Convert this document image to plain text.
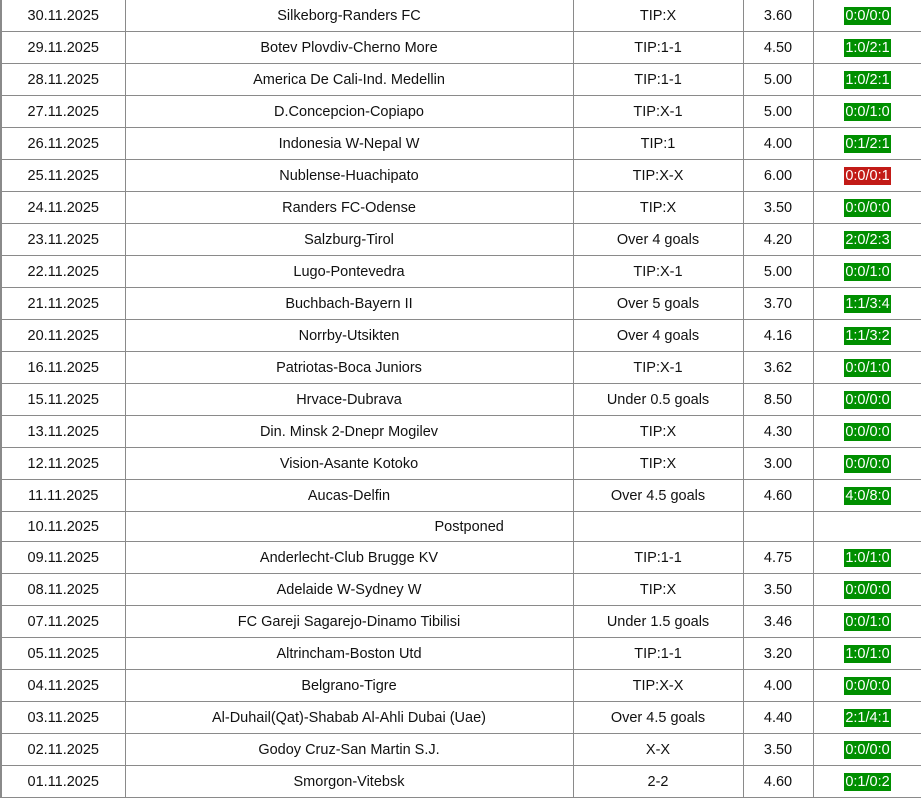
30.11.2025	Silkeborg-Randers FC	TIP:X	3.60	0:0/0:0
29.11.2025	Botev Plovdiv-Cherno More	TIP:1-1	4.50	1:0/2:1
28.11.2025	America De Cali-Ind. Medellin	TIP:1-1	5.00	1:0/2:1
27.11.2025	D.Concepcion-Copiapo	TIP:X-1	5.00	0:0/1:0
26.11.2025	Indonesia W-Nepal W	TIP:1	4.00	0:1/2:1
25.11.2025	Nublense-Huachipato	TIP:X-X	6.00	0:0/0:1
24.11.2025	Randers FC-Odense	TIP:X	3.50	0:0/0:0
23.11.2025	Salzburg-Tirol	Over 4 goals	4.20	2:0/2:3
22.11.2025	Lugo-Pontevedra	TIP:X-1	5.00	0:0/1:0
21.11.2025	Buchbach-Bayern II	Over 5 goals	3.70	1:1/3:4
20.11.2025	Norrby-Utsikten	Over 4 goals	4.16	1:1/3:2
16.11.2025	Patriotas-Boca Juniors	TIP:X-1	3.62	0:0/1:0
15.11.2025	Hrvace-Dubrava	Under 0.5 goals	8.50	0:0/0:0
13.11.2025	Din. Minsk 2-Dnepr Mogilev	TIP:X	4.30	0:0/0:0
12.11.2025	Vision-Asante Kotoko	TIP:X	3.00	0:0/0:0
11.11.2025	Aucas-Delfin	Over 4.5 goals	4.60	4:0/8:0
10.11.2025	Postponed			
09.11.2025	Anderlecht-Club Brugge KV	TIP:1-1	4.75	1:0/1:0
08.11.2025	Adelaide W-Sydney W	TIP:X	3.50	0:0/0:0
07.11.2025	FC Gareji Sagarejo-Dinamo Tibilisi	Under 1.5 goals	3.46	0:0/1:0
05.11.2025	Altrincham-Boston Utd	TIP:1-1	3.20	1:0/1:0
04.11.2025	Belgrano-Tigre	TIP:X-X	4.00	0:0/0:0
03.11.2025	Al-Duhail(Qat)-Shabab Al-Ahli Dubai (Uae)	Over 4.5 goals	4.40	2:1/4:1
02.11.2025	Godoy Cruz-San Martin S.J.	X-X	3.50	0:0/0:0
01.11.2025	Smorgon-Vitebsk	2-2	4.60	0:1/0:2
